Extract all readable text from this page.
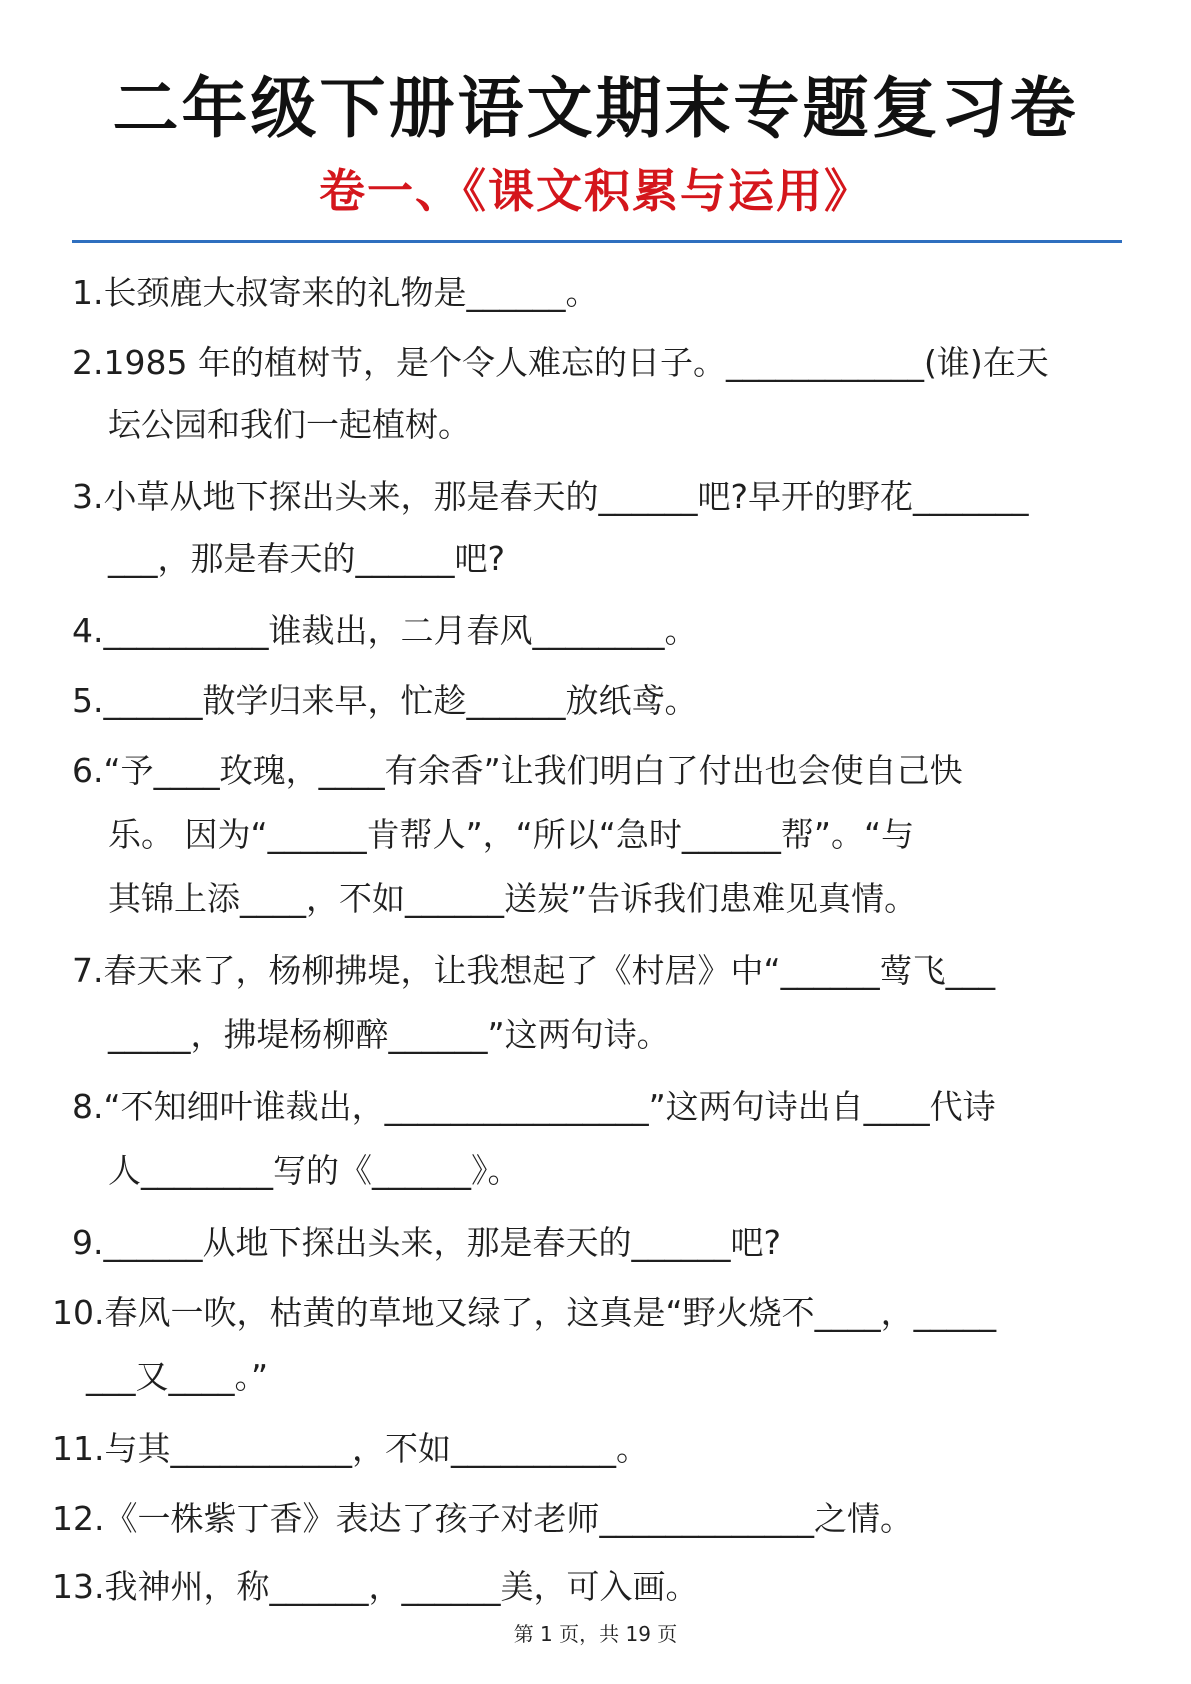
二年级下册语文期末专题复习卷
卷一、《课文积累与运用》
1.长颈鹿大叔寄来的礼物是______。
2.1985 年的植树节，是个令人难忘的日子。____________(谁)在天
坛公园和我们一起植树。
3.小草从地下探出头来，那是春天的______吧?早开的野花_______
___，那是春天的______吧?
4.__________谁裁出，二月春风________。
5.______散学归来早，忙趁______放纸鸢。
6.“予____玫瑰，____有余香”让我们明白了付出也会使自己快
乐。 因为“______肯帮人”，“所以“急时______帮”。“与
其锦上添____，不如______送炭”告诉我们患难见真情。
7.春天来了，杨柳拂堤，让我想起了《村居》中“______莺飞___
_____，拂堤杨柳醉______”这两句诗。
8.“不知细叶谁裁出，________________”这两句诗出自____代诗
人________写的《______》。
9.______从地下探出头来，那是春天的______吧?
10.春风一吹，枯黄的草地又绿了，这真是“野火烧不____，_____
___又____。”
11.与其___________，不如__________。
12.《一株紫丁香》表达了孩子对老师_____________之情。
13.我神州，称______，______美，可入画。
第 1 页，共 19 页
